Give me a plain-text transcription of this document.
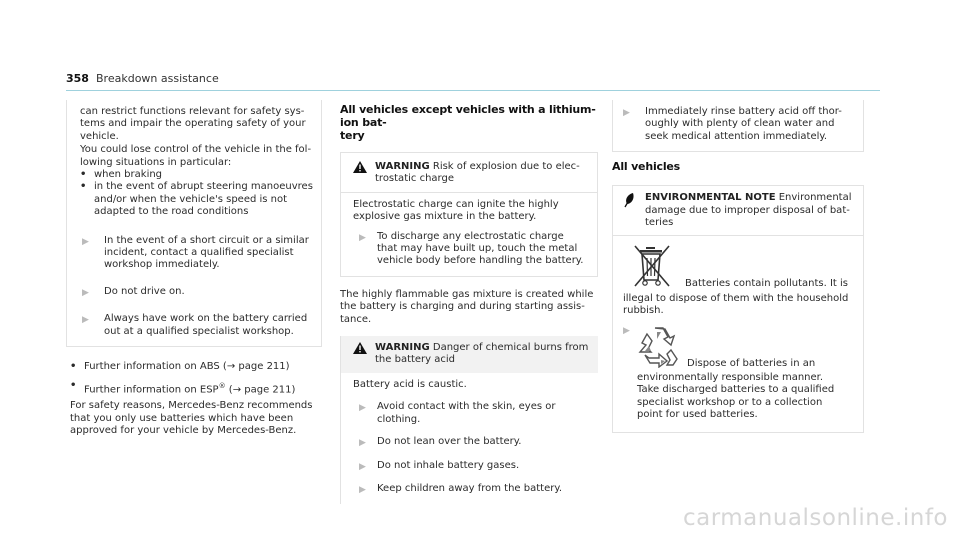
358 Breakdown assistance
can restrict functions relevant for safety sys-
tems and impair the operating safety of your
vehicle.
You could lose control of the vehicle in the fol-
lowing situations in particular:
• when braking
• in the event of abrupt steering manoeuvres
and/or when the vehicle's speed is not
adapted to the road conditions
▶	In the event of a short circuit or a similar
incident, contact a qualified specialist
workshop immediately.
▶	Do not drive on.
▶	Always have work on the battery carried
out at a qualified specialist workshop.
• Further information on ABS (→ page 211)
• Further information on ESP® (→ page 211)
For safety reasons, Mercedes-Benz recommends
that you only use batteries which have been
approved for your vehicle by Mercedes-Benz.
All vehicles except vehicles with a lithium-ion bat-
tery
WARNING Risk of explosion due to elec-
trostatic charge
Electrostatic charge can ignite the highly
explosive gas mixture in the battery.
▶	To discharge any electrostatic charge
that may have built up, touch the metal
vehicle body before handling the battery.
The highly flammable gas mixture is created while
the battery is charging and during starting assis-
tance.
WARNING Danger of chemical burns from
the battery acid
Battery acid is caustic.
▶	Avoid contact with the skin, eyes or
clothing.
▶	Do not lean over the battery.
▶	Do not inhale battery gases.
▶	Keep children away from the battery.
▶	Immediately rinse battery acid off thor-
oughly with plenty of clean water and
seek medical attention immediately.
All vehicles
ENVIRONMENTAL NOTE Environmental
damage due to improper disposal of bat-
teries
Batteries contain pollutants. It is
illegal to dispose of them with the household
rubbish.
▶
Dispose of batteries in an
environmentally responsible manner.
Take discharged batteries to a qualified
specialist workshop or to a collection
point for used batteries.
carmanualsonline.info
